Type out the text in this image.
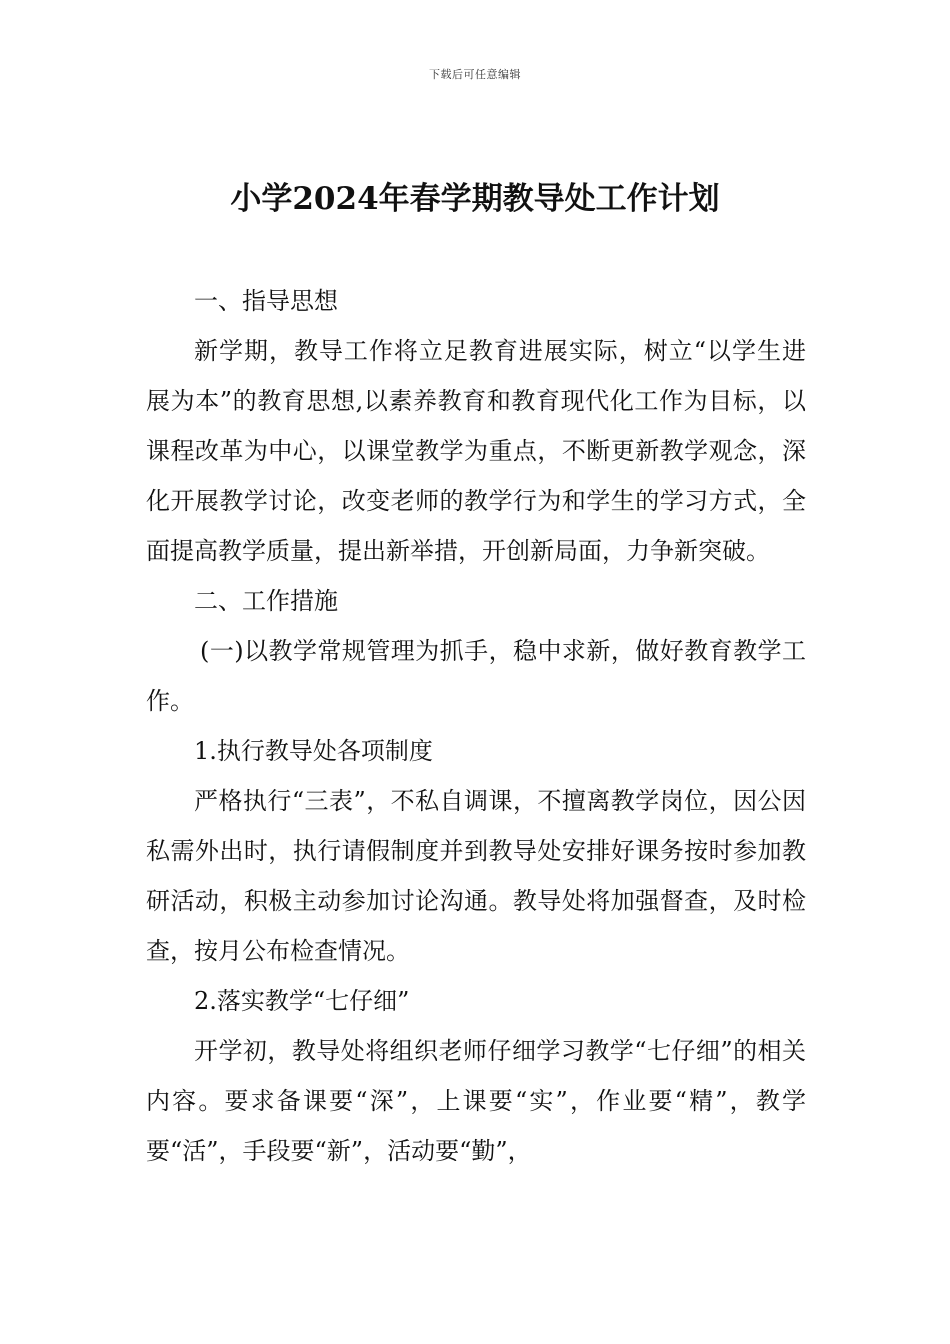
下载后可任意编辑
小学2024年春学期教导处工作计划

一、指导思想

新学期，教导工作将立足教育进展实际，树立“以学生进展为本”的教育思想,以素养教育和教育现代化工作为目标，以课程改革为中心，以课堂教学为重点，不断更新教学观念，深化开展教学讨论，改变老师的教学行为和学生的学习方式，全面提高教学质量，提出新举措，开创新局面，力争新突破。

二、工作措施

(一)以教学常规管理为抓手，稳中求新，做好教育教学工作。

1.执行教导处各项制度

严格执行“三表”，不私自调课，不擅离教学岗位，因公因私需外出时，执行请假制度并到教导处安排好课务按时参加教研活动，积极主动参加讨论沟通。教导处将加强督查，及时检查，按月公布检查情况。

2.落实教学“七仔细”

开学初，教导处将组织老师仔细学习教学“七仔细”的相关内容。要求备课要“深”，上课要“实”，作业要“精”，教学要“活”，手段要“新”，活动要“勤”，
